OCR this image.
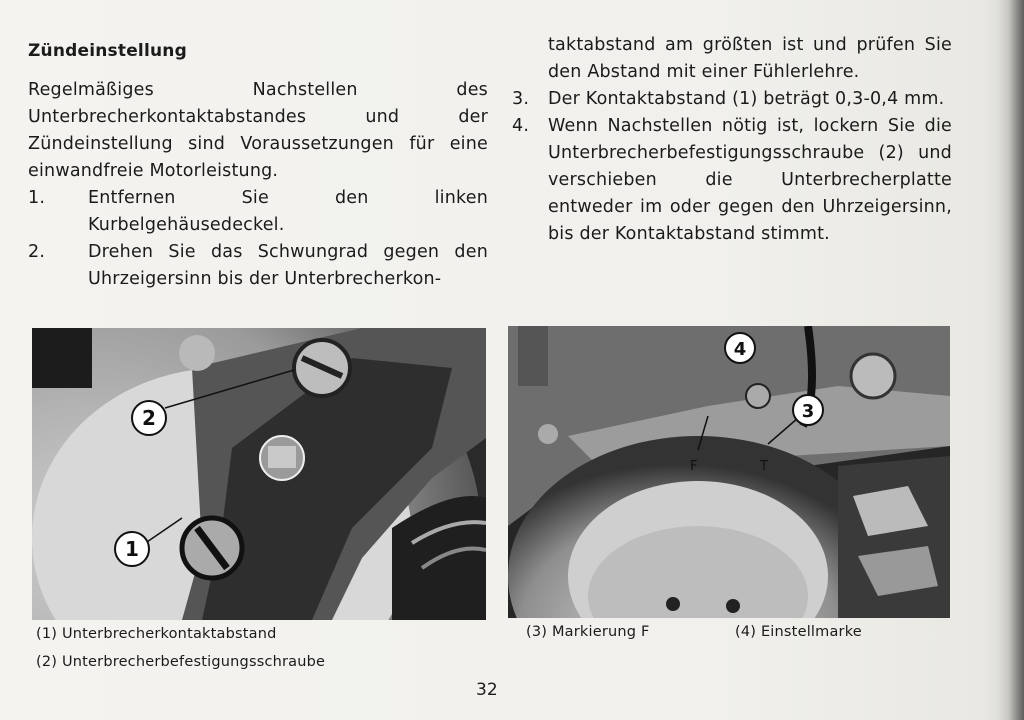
Zündeinstellung

Regelmäßiges Nachstellen des Unterbrecherkontaktabstandes und der Zündeinstellung sind Voraussetzungen für eine einwandfreie Motorleistung.

1.	Entfernen Sie den linken Kurbelgehäusedeckel.
2.	Drehen Sie das Schwungrad gegen den Uhrzeigersinn bis der Unterbrecherkon-
taktabstand am größten ist und prüfen Sie den Abstand mit einer Fühlerlehre.
3.	Der Kontaktabstand (1) beträgt 0,3-0,4 mm.
4.	Wenn Nachstellen nötig ist, lockern Sie die Unterbrecherbefestigungsschraube (2) und verschieben die Unterbrecherplatte entweder im oder gegen den Uhrzeigersinn, bis der Kontaktabstand stimmt.
2
1
F	T
4
3
(1) Unterbrecherkontaktabstand
(2) Unterbrecherbefestigungsschraube
(3) Markierung F	(4) Einstellmarke
32
